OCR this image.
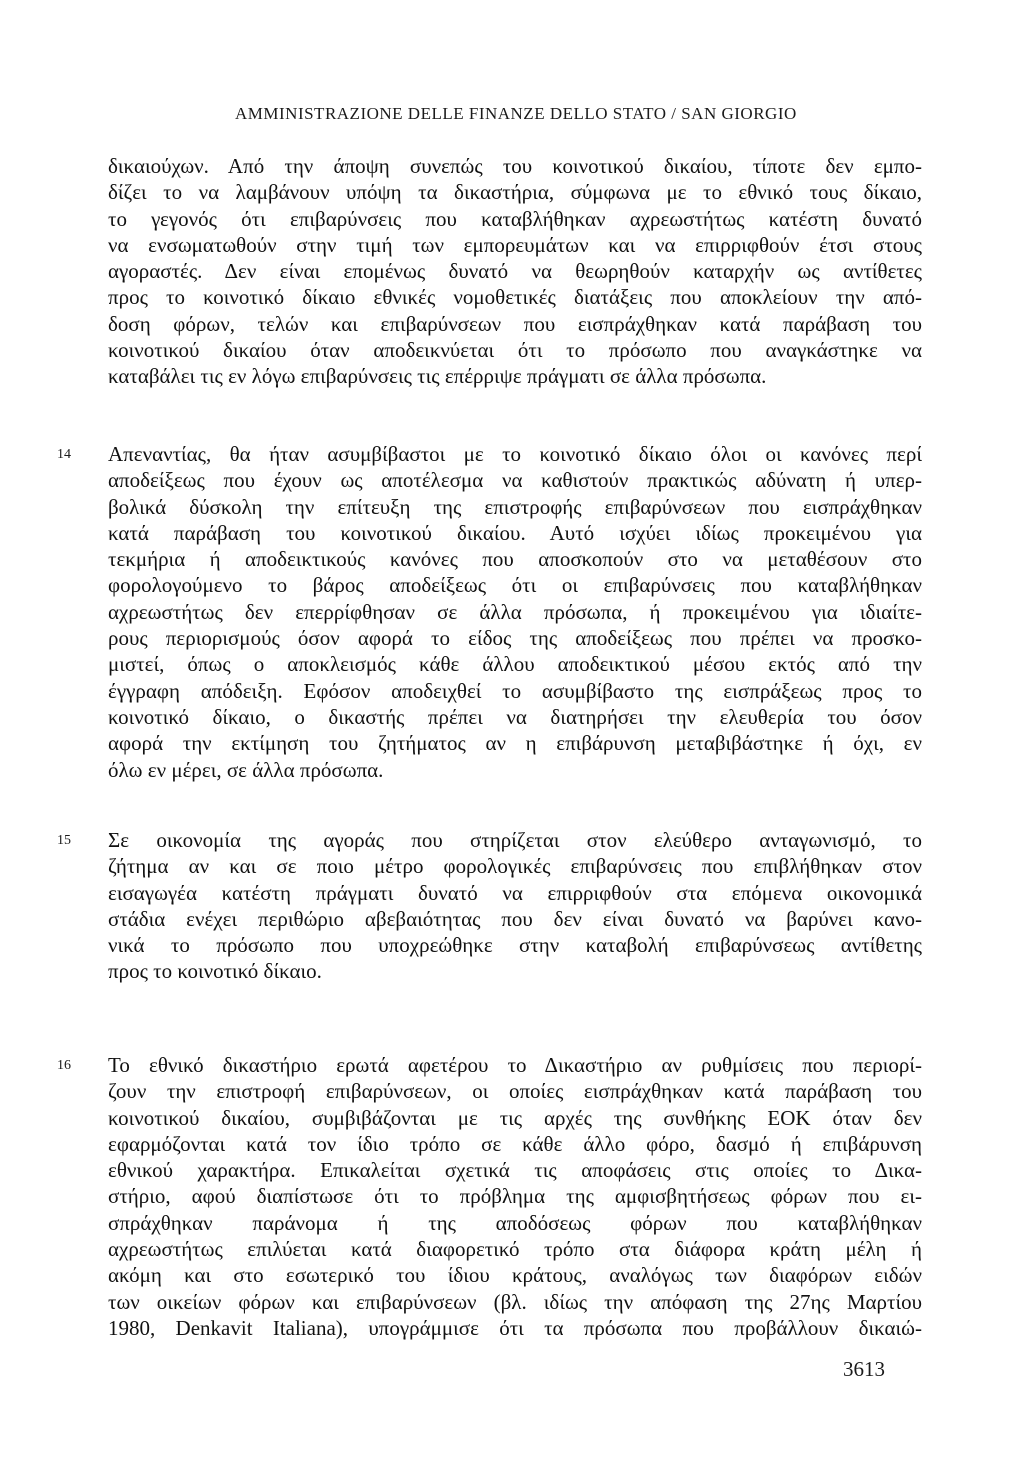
AMMINISTRAZIONE DELLE FINANZE DELLO STATO / SAN GIORGIO
δικαιούχων. Από την άποψη συνεπώς του κοινοτικού δικαίου, τίποτε δεν εμπο-
δίζει το να λαμβάνουν υπόψη τα δικαστήρια, σύμφωνα με το εθνικό τους δίκαιο,
το γεγονός ότι επιβαρύνσεις που καταβλήθηκαν αχρεωστήτως κατέστη δυνατό
να ενσωματωθούν στην τιμή των εμπορευμάτων και να επιρριφθούν έτσι στους
αγοραστές. Δεν είναι επομένως δυνατό να θεωρηθούν καταρχήν ως αντίθετες
προς το κοινοτικό δίκαιο εθνικές νομοθετικές διατάξεις που αποκλείουν την από-
δοση φόρων, τελών και επιβαρύνσεων που εισπράχθηκαν κατά παράβαση του
κοινοτικού δικαίου όταν αποδεικνύεται ότι το πρόσωπο που αναγκάστηκε να
καταβάλει τις εν λόγω επιβαρύνσεις τις επέρριψε πράγματι σε άλλα πρόσωπα.
14 Απεναντίας, θα ήταν ασυμβίβαστοι με το κοινοτικό δίκαιο όλοι οι κανόνες περί
αποδείξεως που έχουν ως αποτέλεσμα να καθιστούν πρακτικώς αδύνατη ή υπερ-
βολικά δύσκολη την επίτευξη της επιστροφής επιβαρύνσεων που εισπράχθηκαν
κατά παράβαση του κοινοτικού δικαίου. Αυτό ισχύει ιδίως προκειμένου για
τεκμήρια ή αποδεικτικούς κανόνες που αποσκοπούν στο να μεταθέσουν στο
φορολογούμενο το βάρος αποδείξεως ότι οι επιβαρύνσεις που καταβλήθηκαν
αχρεωστήτως δεν επερρίφθησαν σε άλλα πρόσωπα, ή προκειμένου για ιδιαίτε-
ρους περιορισμούς όσον αφορά το είδος της αποδείξεως που πρέπει να προσκο-
μιστεί, όπως ο αποκλεισμός κάθε άλλου αποδεικτικού μέσου εκτός από την
έγγραφη απόδειξη. Εφόσον αποδειχθεί το ασυμβίβαστο της εισπράξεως προς το
κοινοτικό δίκαιο, ο δικαστής πρέπει να διατηρήσει την ελευθερία του όσον
αφορά την εκτίμηση του ζητήματος αν η επιβάρυνση μεταβιβάστηκε ή όχι, εν
όλω εν μέρει, σε άλλα πρόσωπα.
15 Σε οικονομία της αγοράς που στηρίζεται στον ελεύθερο ανταγωνισμό, το
ζήτημα αν και σε ποιο μέτρο φορολογικές επιβαρύνσεις που επιβλήθηκαν στον
εισαγωγέα κατέστη πράγματι δυνατό να επιρριφθούν στα επόμενα οικονομικά
στάδια ενέχει περιθώριο αβεβαιότητας που δεν είναι δυνατό να βαρύνει κανο-
νικά το πρόσωπο που υποχρεώθηκε στην καταβολή επιβαρύνσεως αντίθετης
προς το κοινοτικό δίκαιο.
16 Το εθνικό δικαστήριο ερωτά αφετέρου το Δικαστήριο αν ρυθμίσεις που περιορί-
ζουν την επιστροφή επιβαρύνσεων, οι οποίες εισπράχθηκαν κατά παράβαση του
κοινοτικού δικαίου, συμβιβάζονται με τις αρχές της συνθήκης ΕΟΚ όταν δεν
εφαρμόζονται κατά τον ίδιο τρόπο σε κάθε άλλο φόρο, δασμό ή επιβάρυνση
εθνικού χαρακτήρα. Επικαλείται σχετικά τις αποφάσεις στις οποίες το Δικα-
στήριο, αφού διαπίστωσε ότι το πρόβλημα της αμφισβητήσεως φόρων που ει-
σπράχθηκαν παράνομα ή της αποδόσεως φόρων που καταβλήθηκαν
αχρεωστήτως επιλύεται κατά διαφορετικό τρόπο στα διάφορα κράτη μέλη ή
ακόμη και στο εσωτερικό του ίδιου κράτους, αναλόγως των διαφόρων ειδών
των οικείων φόρων και επιβαρύνσεων (βλ. ιδίως την απόφαση της 27ης Μαρτίου
1980, Denkavit Italiana), υπογράμμισε ότι τα πρόσωπα που προβάλλουν δικαιώ-
3613
